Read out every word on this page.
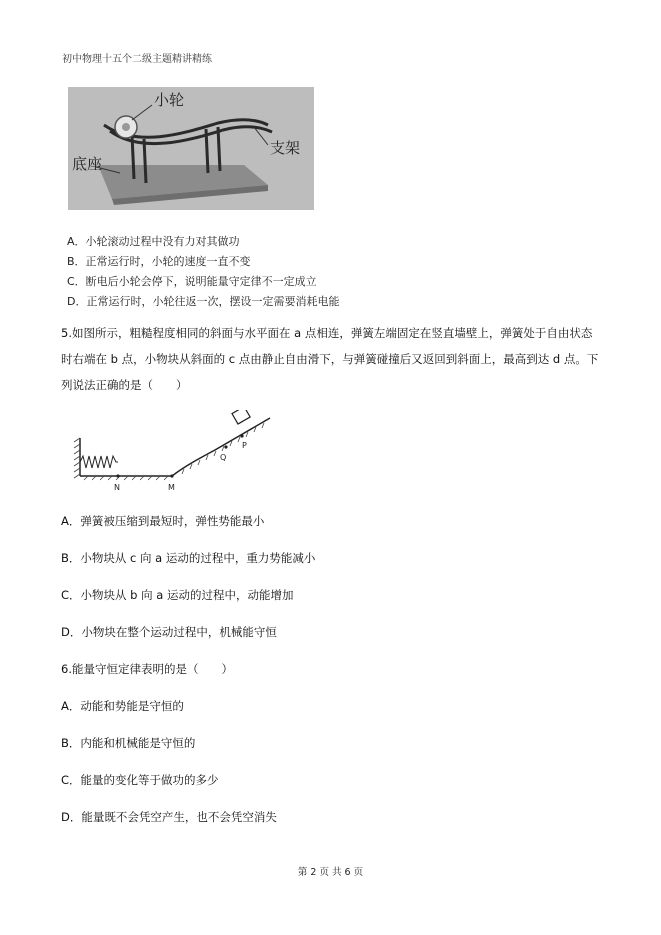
初中物理十五个二级主题精讲精练
小轮
支架
底座
A．小轮滚动过程中没有力对其做功
B．正常运行时，小轮的速度一直不变
C．断电后小轮会停下，说明能量守定律不一定成立
D．正常运行时，小轮往返一次，摆设一定需要消耗电能
5.如图所示，粗糙程度相同的斜面与水平面在 a 点相连，弹簧左端固定在竖直墙壁上，弹簧处于自由状态
时右端在 b 点，小物块从斜面的 c 点由静止自由滑下，与弹簧碰撞后又返回到斜面上，最高到达 d 点。下
列说法正确的是（　　）
N	M
Q
P
A．弹簧被压缩到最短时，弹性势能最小
B．小物块从 c 向 a 运动的过程中，重力势能减小
C．小物块从 b 向 a 运动的过程中，动能增加
D．小物块在整个运动过程中，机械能守恒
6.能量守恒定律表明的是（　　）
A．动能和势能是守恒的
B．内能和机械能是守恒的
C．能量的变化等于做功的多少
D．能量既不会凭空产生，也不会凭空消失
第 2 页 共 6 页
